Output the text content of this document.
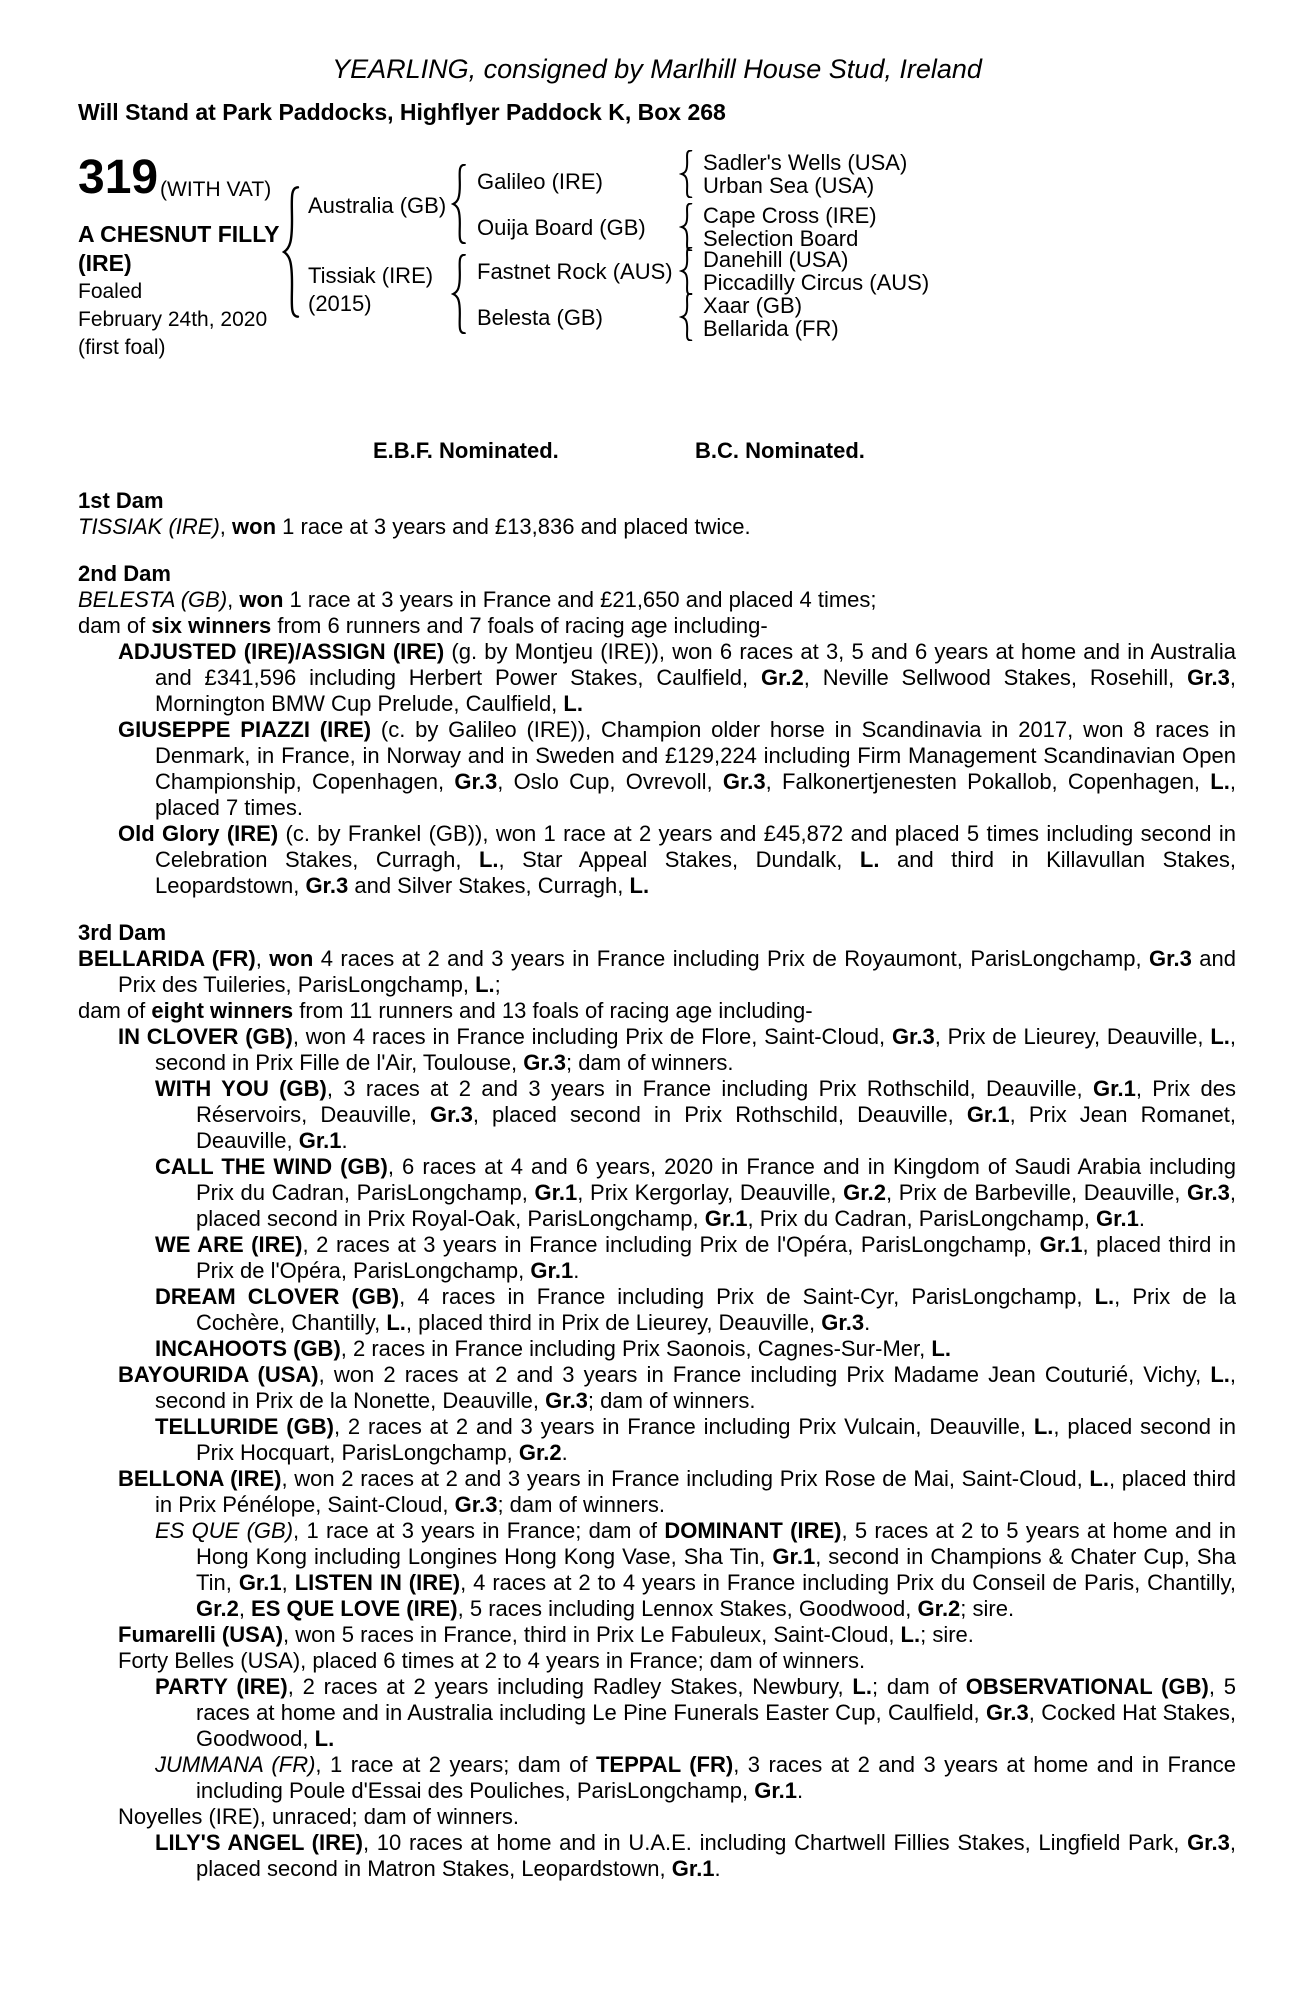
YEARLING, consigned by Marlhill House Stud, Ireland
Will Stand at Park Paddocks, Highflyer Paddock K, Box 268
319 (WITH VAT)
A CHESNUT FILLY
(IRE)
Foaled
February 24th, 2020
(first foal)
Australia (GB)
Tissiak (IRE)
(2015)
Galileo (IRE)
Ouija Board (GB)
Fastnet Rock (AUS)
Belesta (GB)
Sadler's Wells (USA)
Urban Sea (USA)
Cape Cross (IRE)
Selection Board
Danehill (USA)
Piccadilly Circus (AUS)
Xaar (GB)
Bellarida (FR)
E.B.F. Nominated.	B.C. Nominated.
1st Dam
TISSIAK (IRE), won 1 race at 3 years and £13,836 and placed twice.
2nd Dam
BELESTA (GB), won 1 race at 3 years in France and £21,650 and placed 4 times;
dam of six winners from 6 runners and 7 foals of racing age including-
ADJUSTED (IRE)/ASSIGN (IRE) (g. by Montjeu (IRE)), won 6 races at 3, 5 and 6 years at home and in Australia and £341,596 including Herbert Power Stakes, Caulfield, Gr.2, Neville Sellwood Stakes, Rosehill, Gr.3, Mornington BMW Cup Prelude, Caulfield, L.
GIUSEPPE PIAZZI (IRE) (c. by Galileo (IRE)), Champion older horse in Scandinavia in 2017, won 8 races in Denmark, in France, in Norway and in Sweden and £129,224 including Firm Management Scandinavian Open Championship, Copenhagen, Gr.3, Oslo Cup, Ovrevoll, Gr.3, Falkonertjenesten Pokallob, Copenhagen, L., placed 7 times.
Old Glory (IRE) (c. by Frankel (GB)), won 1 race at 2 years and £45,872 and placed 5 times including second in Celebration Stakes, Curragh, L., Star Appeal Stakes, Dundalk, L. and third in Killavullan Stakes, Leopardstown, Gr.3 and Silver Stakes, Curragh, L.
3rd Dam
BELLARIDA (FR), won 4 races at 2 and 3 years in France including Prix de Royaumont, ParisLongchamp, Gr.3 and Prix des Tuileries, ParisLongchamp, L.;
dam of eight winners from 11 runners and 13 foals of racing age including-
IN CLOVER (GB), won 4 races in France including Prix de Flore, Saint-Cloud, Gr.3, Prix de Lieurey, Deauville, L., second in Prix Fille de l'Air, Toulouse, Gr.3; dam of winners.
WITH YOU (GB), 3 races at 2 and 3 years in France including Prix Rothschild, Deauville, Gr.1, Prix des Réservoirs, Deauville, Gr.3, placed second in Prix Rothschild, Deauville, Gr.1, Prix Jean Romanet, Deauville, Gr.1.
CALL THE WIND (GB), 6 races at 4 and 6 years, 2020 in France and in Kingdom of Saudi Arabia including Prix du Cadran, ParisLongchamp, Gr.1, Prix Kergorlay, Deauville, Gr.2, Prix de Barbeville, Deauville, Gr.3, placed second in Prix Royal-Oak, ParisLongchamp, Gr.1, Prix du Cadran, ParisLongchamp, Gr.1.
WE ARE (IRE), 2 races at 3 years in France including Prix de l'Opéra, ParisLongchamp, Gr.1, placed third in Prix de l'Opéra, ParisLongchamp, Gr.1.
DREAM CLOVER (GB), 4 races in France including Prix de Saint-Cyr, ParisLongchamp, L., Prix de la Cochère, Chantilly, L., placed third in Prix de Lieurey, Deauville, Gr.3.
INCAHOOTS (GB), 2 races in France including Prix Saonois, Cagnes-Sur-Mer, L.
BAYOURIDA (USA), won 2 races at 2 and 3 years in France including Prix Madame Jean Couturié, Vichy, L., second in Prix de la Nonette, Deauville, Gr.3; dam of winners.
TELLURIDE (GB), 2 races at 2 and 3 years in France including Prix Vulcain, Deauville, L., placed second in Prix Hocquart, ParisLongchamp, Gr.2.
BELLONA (IRE), won 2 races at 2 and 3 years in France including Prix Rose de Mai, Saint-Cloud, L., placed third in Prix Pénélope, Saint-Cloud, Gr.3; dam of winners.
ES QUE (GB), 1 race at 3 years in France; dam of DOMINANT (IRE), 5 races at 2 to 5 years at home and in Hong Kong including Longines Hong Kong Vase, Sha Tin, Gr.1, second in Champions & Chater Cup, Sha Tin, Gr.1, LISTEN IN (IRE), 4 races at 2 to 4 years in France including Prix du Conseil de Paris, Chantilly, Gr.2, ES QUE LOVE (IRE), 5 races including Lennox Stakes, Goodwood, Gr.2; sire.
Fumarelli (USA), won 5 races in France, third in Prix Le Fabuleux, Saint-Cloud, L.; sire.
Forty Belles (USA), placed 6 times at 2 to 4 years in France; dam of winners.
PARTY (IRE), 2 races at 2 years including Radley Stakes, Newbury, L.; dam of OBSERVATIONAL (GB), 5 races at home and in Australia including Le Pine Funerals Easter Cup, Caulfield, Gr.3, Cocked Hat Stakes, Goodwood, L.
JUMMANA (FR), 1 race at 2 years; dam of TEPPAL (FR), 3 races at 2 and 3 years at home and in France including Poule d'Essai des Pouliches, ParisLongchamp, Gr.1.
Noyelles (IRE), unraced; dam of winners.
LILY'S ANGEL (IRE), 10 races at home and in U.A.E. including Chartwell Fillies Stakes, Lingfield Park, Gr.3, placed second in Matron Stakes, Leopardstown, Gr.1.
